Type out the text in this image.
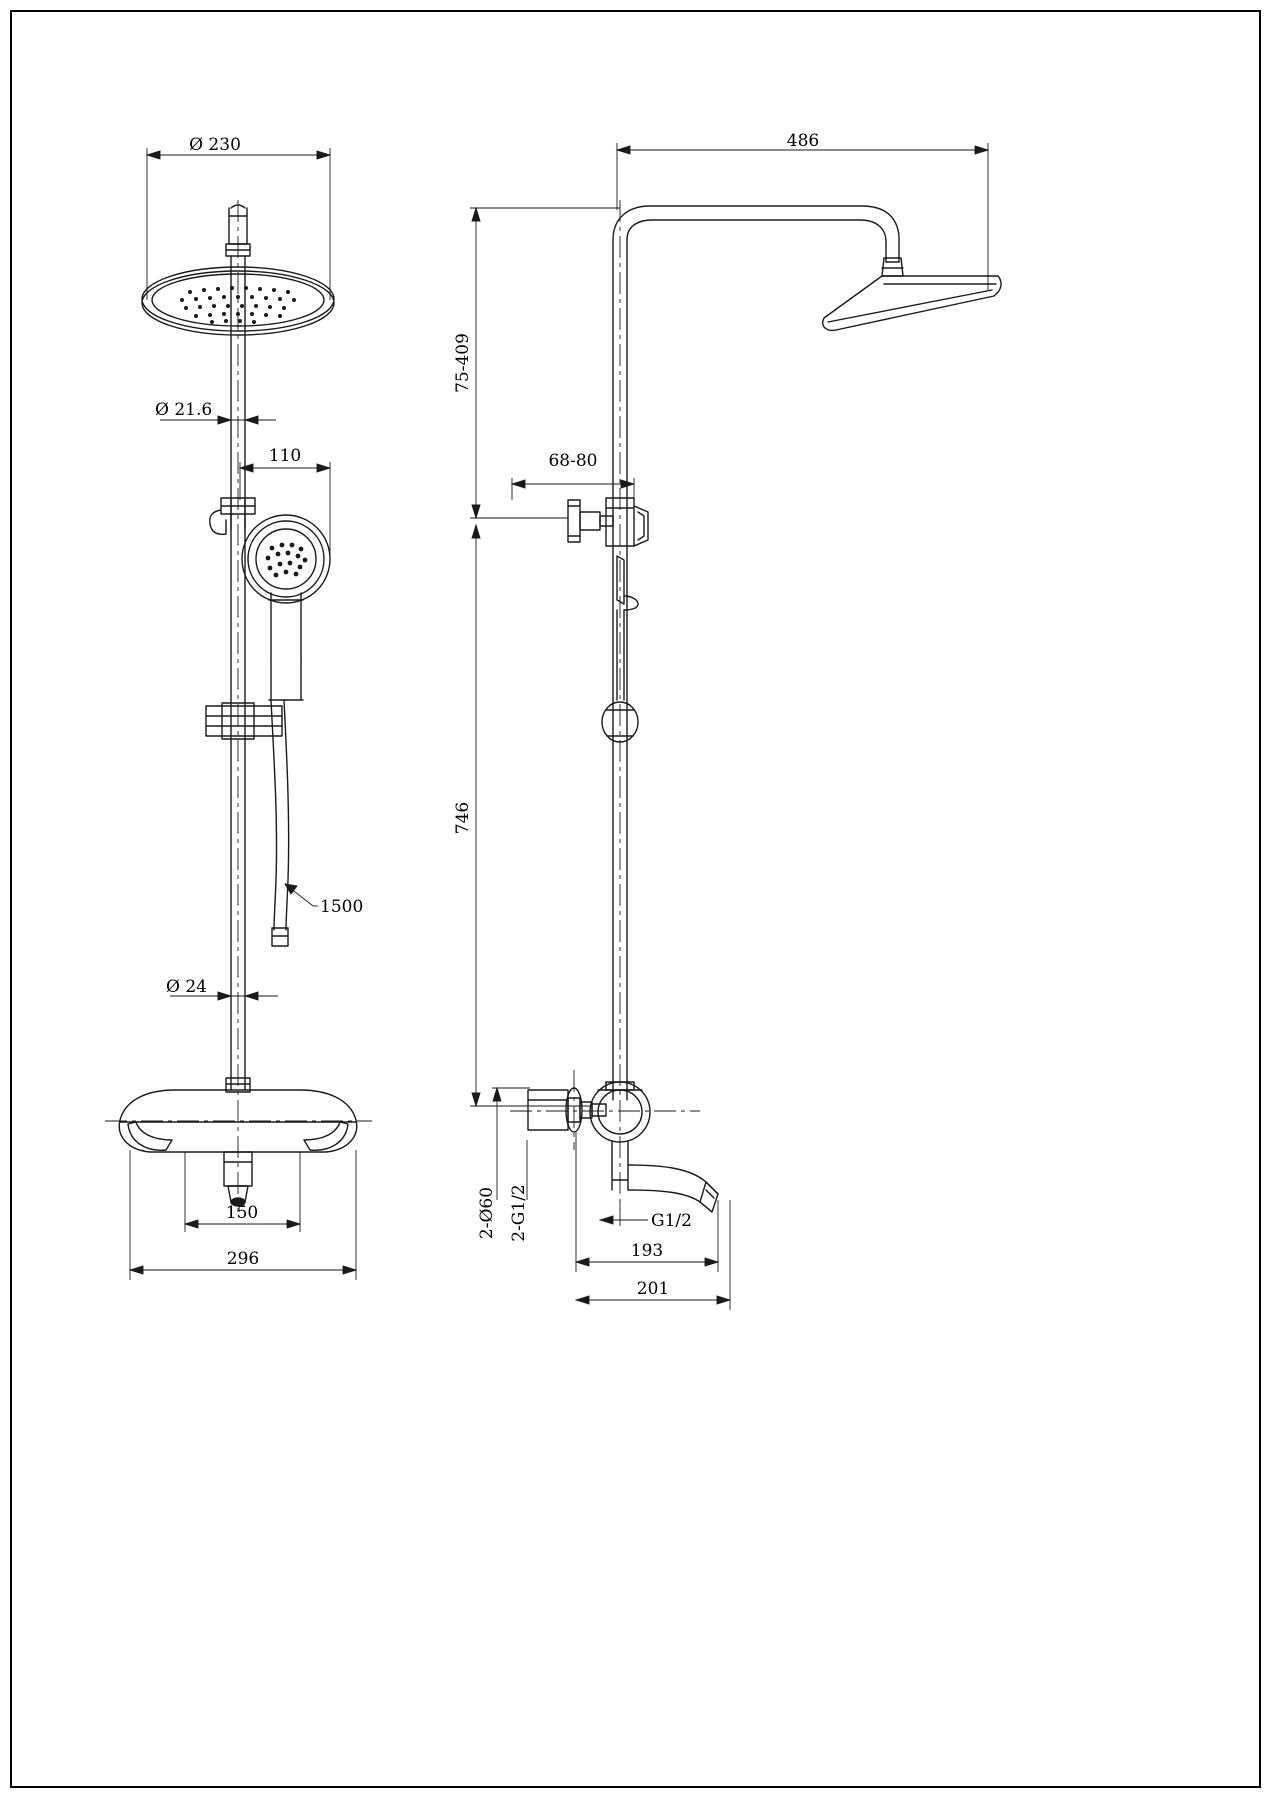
Ø 230
Ø 21.6
110
1500
Ø 24
150
296
486
75-409
68-80
746
2-Ø60 2-G1/2	G1/2
193
201
